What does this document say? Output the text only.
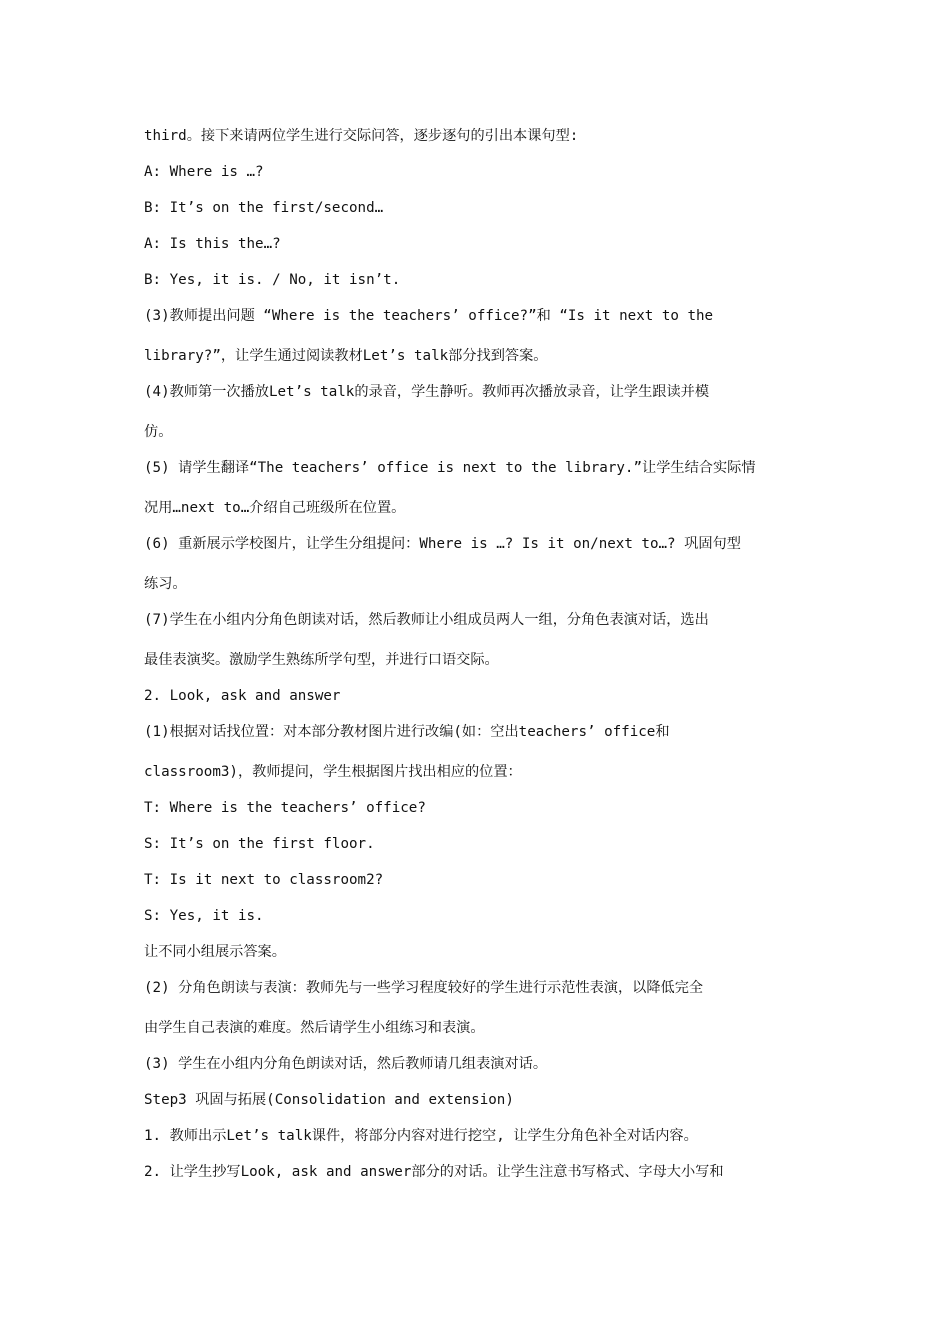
third。接下来请两位学生进行交际问答，逐步逐句的引出本课句型:
A: Where is …?
B: It’s on the first/second…
A: Is this the…?
B: Yes, it is. / No, it isn’t.
(3)教师提出问题 “Where is the teachers’ office?”和 “Is it next to the
library?”，让学生通过阅读教材Let’s talk部分找到答案。
(4)教师第一次播放Let’s talk的录音，学生静听。教师再次播放录音，让学生跟读并模
仿。
(5) 请学生翻译“The teachers’ office is next to the library.”让学生结合实际情
况用…next to…介绍自己班级所在位置。
(6) 重新展示学校图片，让学生分组提问：Where is …? Is it on/next to…? 巩固句型
练习。
(7)学生在小组内分角色朗读对话，然后教师让小组成员两人一组，分角色表演对话，选出
最佳表演奖。激励学生熟练所学句型，并进行口语交际。
2. Look, ask and answer
(1)根据对话找位置：对本部分教材图片进行改编(如：空出teachers’ office和
classroom3)，教师提问，学生根据图片找出相应的位置：
T: Where is the teachers’ office?
S: It’s on the first floor.
T: Is it next to classroom2?
S: Yes, it is.
让不同小组展示答案。
(2) 分角色朗读与表演：教师先与一些学习程度较好的学生进行示范性表演，以降低完全
由学生自己表演的难度。然后请学生小组练习和表演。
(3) 学生在小组内分角色朗读对话，然后教师请几组表演对话。
Step3 巩固与拓展(Consolidation and extension)
1. 教师出示Let’s talk课件，将部分内容对进行挖空, 让学生分角色补全对话内容。
2. 让学生抄写Look, ask and answer部分的对话。让学生注意书写格式、字母大小写和
